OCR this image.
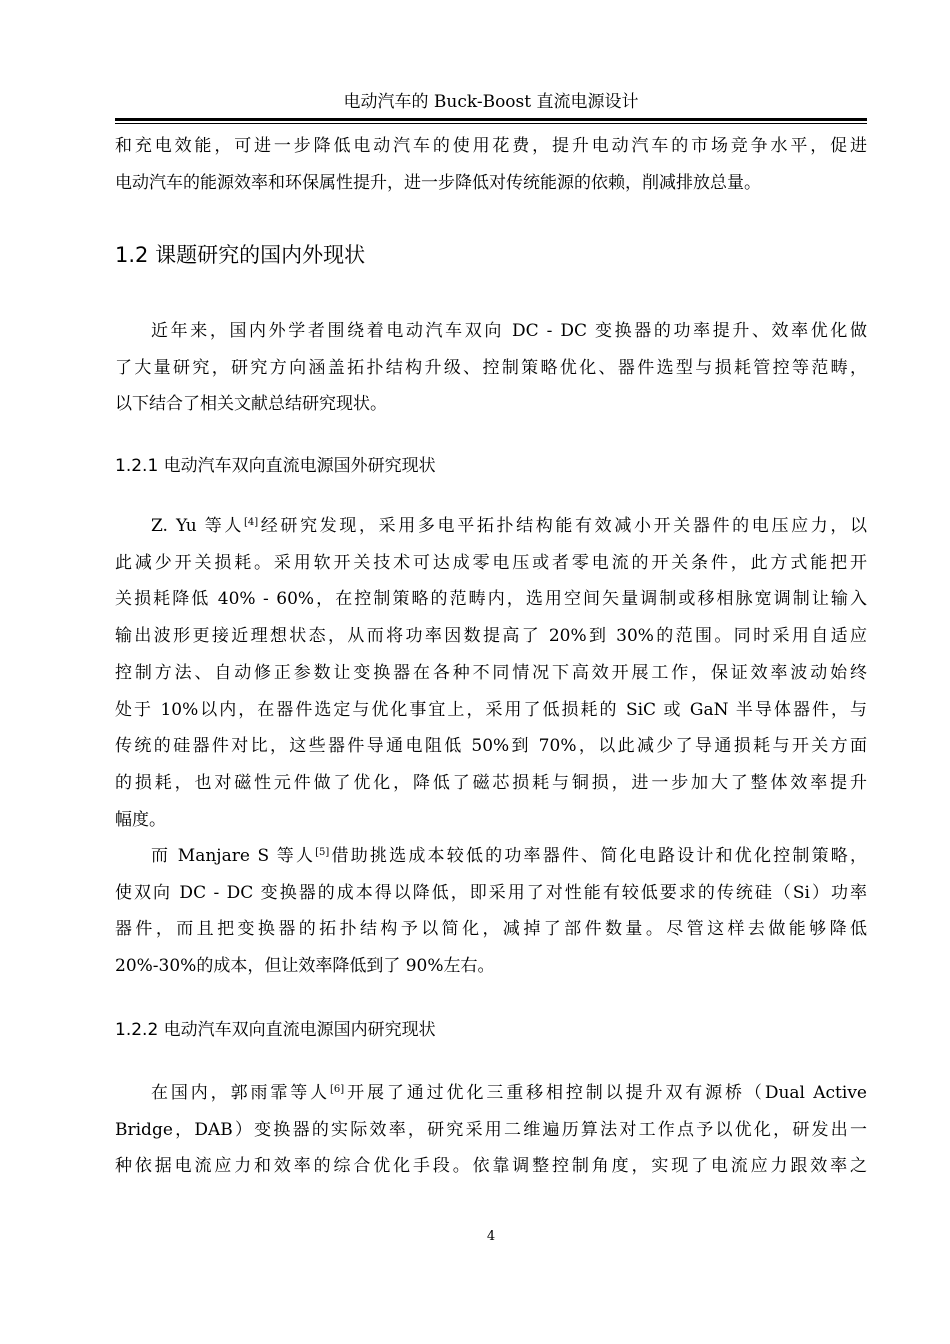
电动汽车的 Buck-Boost 直流电源设计

和充电效能，可进一步降低电动汽车的使用花费，提升电动汽车的市场竞争水平，促进
电动汽车的能源效率和环保属性提升，进一步降低对传统能源的依赖，削减排放总量。

1.2 课题研究的国内外现状

近年来，国内外学者围绕着电动汽车双向 DC - DC 变换器的功率提升、效率优化做
了大量研究，研究方向涵盖拓扑结构升级、控制策略优化、器件选型与损耗管控等范畴，
以下结合了相关文献总结研究现状。

1.2.1 电动汽车双向直流电源国外研究现状

Z. Yu 等人[4]经研究发现，采用多电平拓扑结构能有效减小开关器件的电压应力，以
此减少开关损耗。采用软开关技术可达成零电压或者零电流的开关条件，此方式能把开
关损耗降低 40% - 60%，在控制策略的范畴内，选用空间矢量调制或移相脉宽调制让输入
输出波形更接近理想状态，从而将功率因数提高了 20%到 30%的范围。同时采用自适应
控制方法、自动修正参数让变换器在各种不同情况下高效开展工作，保证效率波动始终
处于 10%以内，在器件选定与优化事宜上，采用了低损耗的 SiC 或 GaN 半导体器件，与
传统的硅器件对比，这些器件导通电阻低 50%到 70%，以此减少了导通损耗与开关方面
的损耗，也对磁性元件做了优化，降低了磁芯损耗与铜损，进一步加大了整体效率提升
幅度。

而 Manjare S 等人[5]借助挑选成本较低的功率器件、简化电路设计和优化控制策略，
使双向 DC - DC 变换器的成本得以降低，即采用了对性能有较低要求的传统硅（Si）功率
器件，而且把变换器的拓扑结构予以简化，减掉了部件数量。尽管这样去做能够降低
20%-30%的成本，但让效率降低到了 90%左右。

1.2.2 电动汽车双向直流电源国内研究现状

在国内，郭雨霏等人[6]开展了通过优化三重移相控制以提升双有源桥（Dual Active
Bridge，DAB）变换器的实际效率，研究采用二维遍历算法对工作点予以优化，研发出一
种依据电流应力和效率的综合优化手段。依靠调整控制角度，实现了电流应力跟效率之

4
